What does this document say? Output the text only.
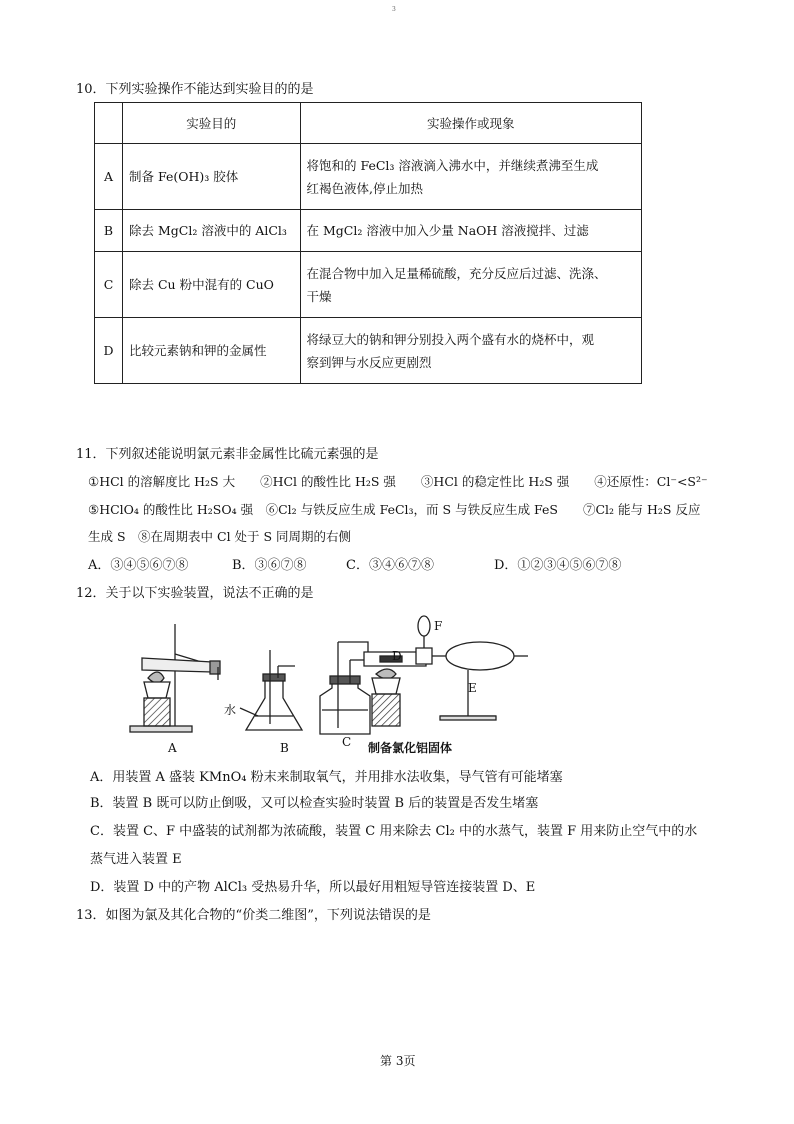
3
10．下列实验操作不能达到实验目的的是
	实验目的	实验操作或现象
A	制备 Fe(OH)₃ 胶体	将饱和的 FeCl₃ 溶液滴入沸水中，并继续煮沸至生成
红褐色液体,停止加热

B	除去 MgCl₂ 溶液中的 AlCl₃	在 MgCl₂ 溶液中加入少量 NaOH 溶液搅拌、过滤

C	除去 Cu 粉中混有的 CuO	在混合物中加入足量稀硫酸，充分反应后过滤、洗涤、
干燥

D	比较元素钠和钾的金属性	将绿豆大的钠和钾分别投入两个盛有水的烧杯中，观
察到钾与水反应更剧烈
11．下列叙述能说明氯元素非金属性比硫元素强的是
①HCl 的溶解度比 H₂S 大　　②HCl 的酸性比 H₂S 强　　③HCl 的稳定性比 H₂S 强　　④还原性：Cl⁻<S²⁻
⑤HClO₄ 的酸性比 H₂SO₄ 强　⑥Cl₂ 与铁反应生成 FeCl₃，而 S 与铁反应生成 FeS　　⑦Cl₂ 能与 H₂S 反应
生成 S　⑧在周期表中 Cl 处于 S 同周期的右侧
A．③④⑤⑥⑦⑧	B．③⑥⑦⑧	C．③④⑥⑦⑧	D．①②③④⑤⑥⑦⑧
12．关于以下实验装置，说法不正确的是
A	B	C
D
E
F
水
制备氯化铝固体
A．用装置 A 盛装 KMnO₄ 粉末来制取氧气，并用排水法收集，导气管有可能堵塞
B．装置 B 既可以防止倒吸，又可以检查实验时装置 B 后的装置是否发生堵塞
C．装置 C、F 中盛装的试剂都为浓硫酸，装置 C 用来除去 Cl₂ 中的水蒸气，装置 F 用来防止空气中的水
蒸气进入装置 E
D．装置 D 中的产物 AlCl₃ 受热易升华，所以最好用粗短导管连接装置 D、E
13．如图为氯及其化合物的“价类二维图”，下列说法错误的是
第 3页
